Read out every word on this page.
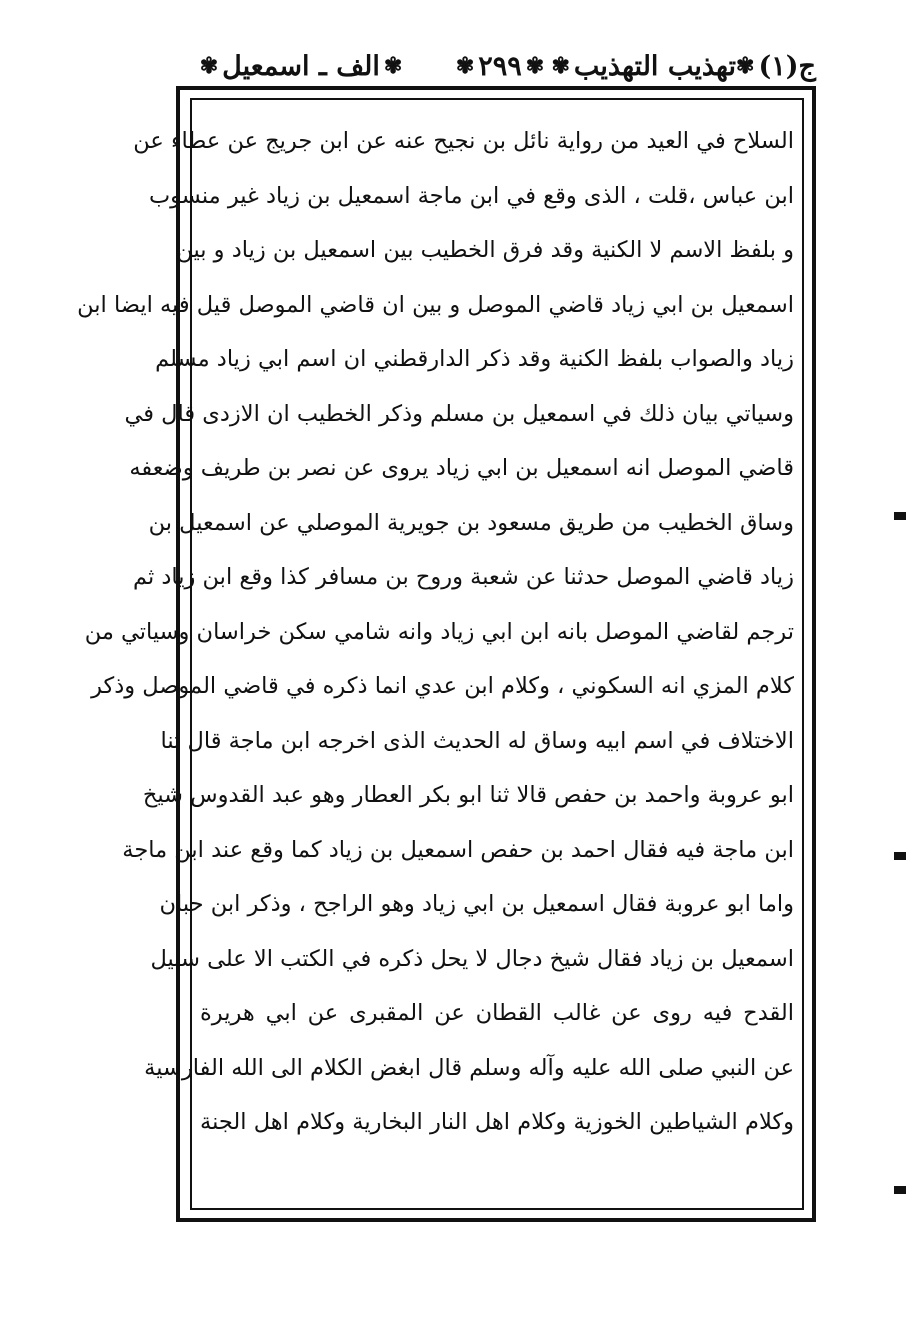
ج(١)
✾
تهذيب التهذيب
✾
✾
٢٩٩
✾
✾
الف ـ اسمعيل
✾
السلاح في العيد من رواية نائل بن نجيح عنه عن ابن جريج عن عطاء عن
ابن عباس ،قلت ، الذى وقع في ابن ماجة اسمعيل بن زياد غير منسوب
و بلفظ الاسم لا الكنية وقد فرق الخطيب بين اسمعيل بن زياد و بين
اسمعيل بن ابي زياد قاضي الموصل و بين ان قاضي الموصل قيل فيه ايضا ابن
زياد والصواب بلفظ الكنية وقد ذكر الدارقطني ان اسم ابي زياد مسلم
وسياتي بيان ذلك في اسمعيل بن مسلم وذكر الخطيب ان الازدى قال في
قاضي الموصل انه اسمعيل بن ابي زياد يروى عن نصر بن طريف وضعفه
وساق الخطيب من طريق مسعود بن جويرية الموصلي عن اسمعيل بن
زياد قاضي الموصل حدثنا عن شعبة وروح بن مسافر كذا وقع ابن زياد ثم
ترجم لقاضي الموصل بانه ابن ابي زياد وانه شامي سكن خراسان وسياتي من
كلام المزي انه السكوني ، وكلام ابن عدي انما ذكره في قاضي الموصل وذكر
الاختلاف في اسم ابيه وساق له الحديث الذى اخرجه ابن ماجة قال ثنا
ابو عروبة واحمد بن حفص قالا ثنا ابو بكر العطار وهو عبد القدوس شيخ
ابن ماجة فيه فقال احمد بن حفص اسمعيل بن زياد كما وقع عند ابن ماجة
واما ابو عروبة فقال اسمعيل بن ابي زياد وهو الراجح ، وذكر ابن حبان
اسمعيل بن زياد فقال شيخ دجال لا يحل ذكره في الكتب الا على سبيل
القدح فيه روى عن غالب القطان عن المقبرى عن ابي هريرة
عن النبي صلى الله عليه وآله وسلم قال ابغض الكلام الى الله الفارسية
وكلام الشياطين الخوزية وكلام اهل النار البخارية وكلام اهل الجنة
